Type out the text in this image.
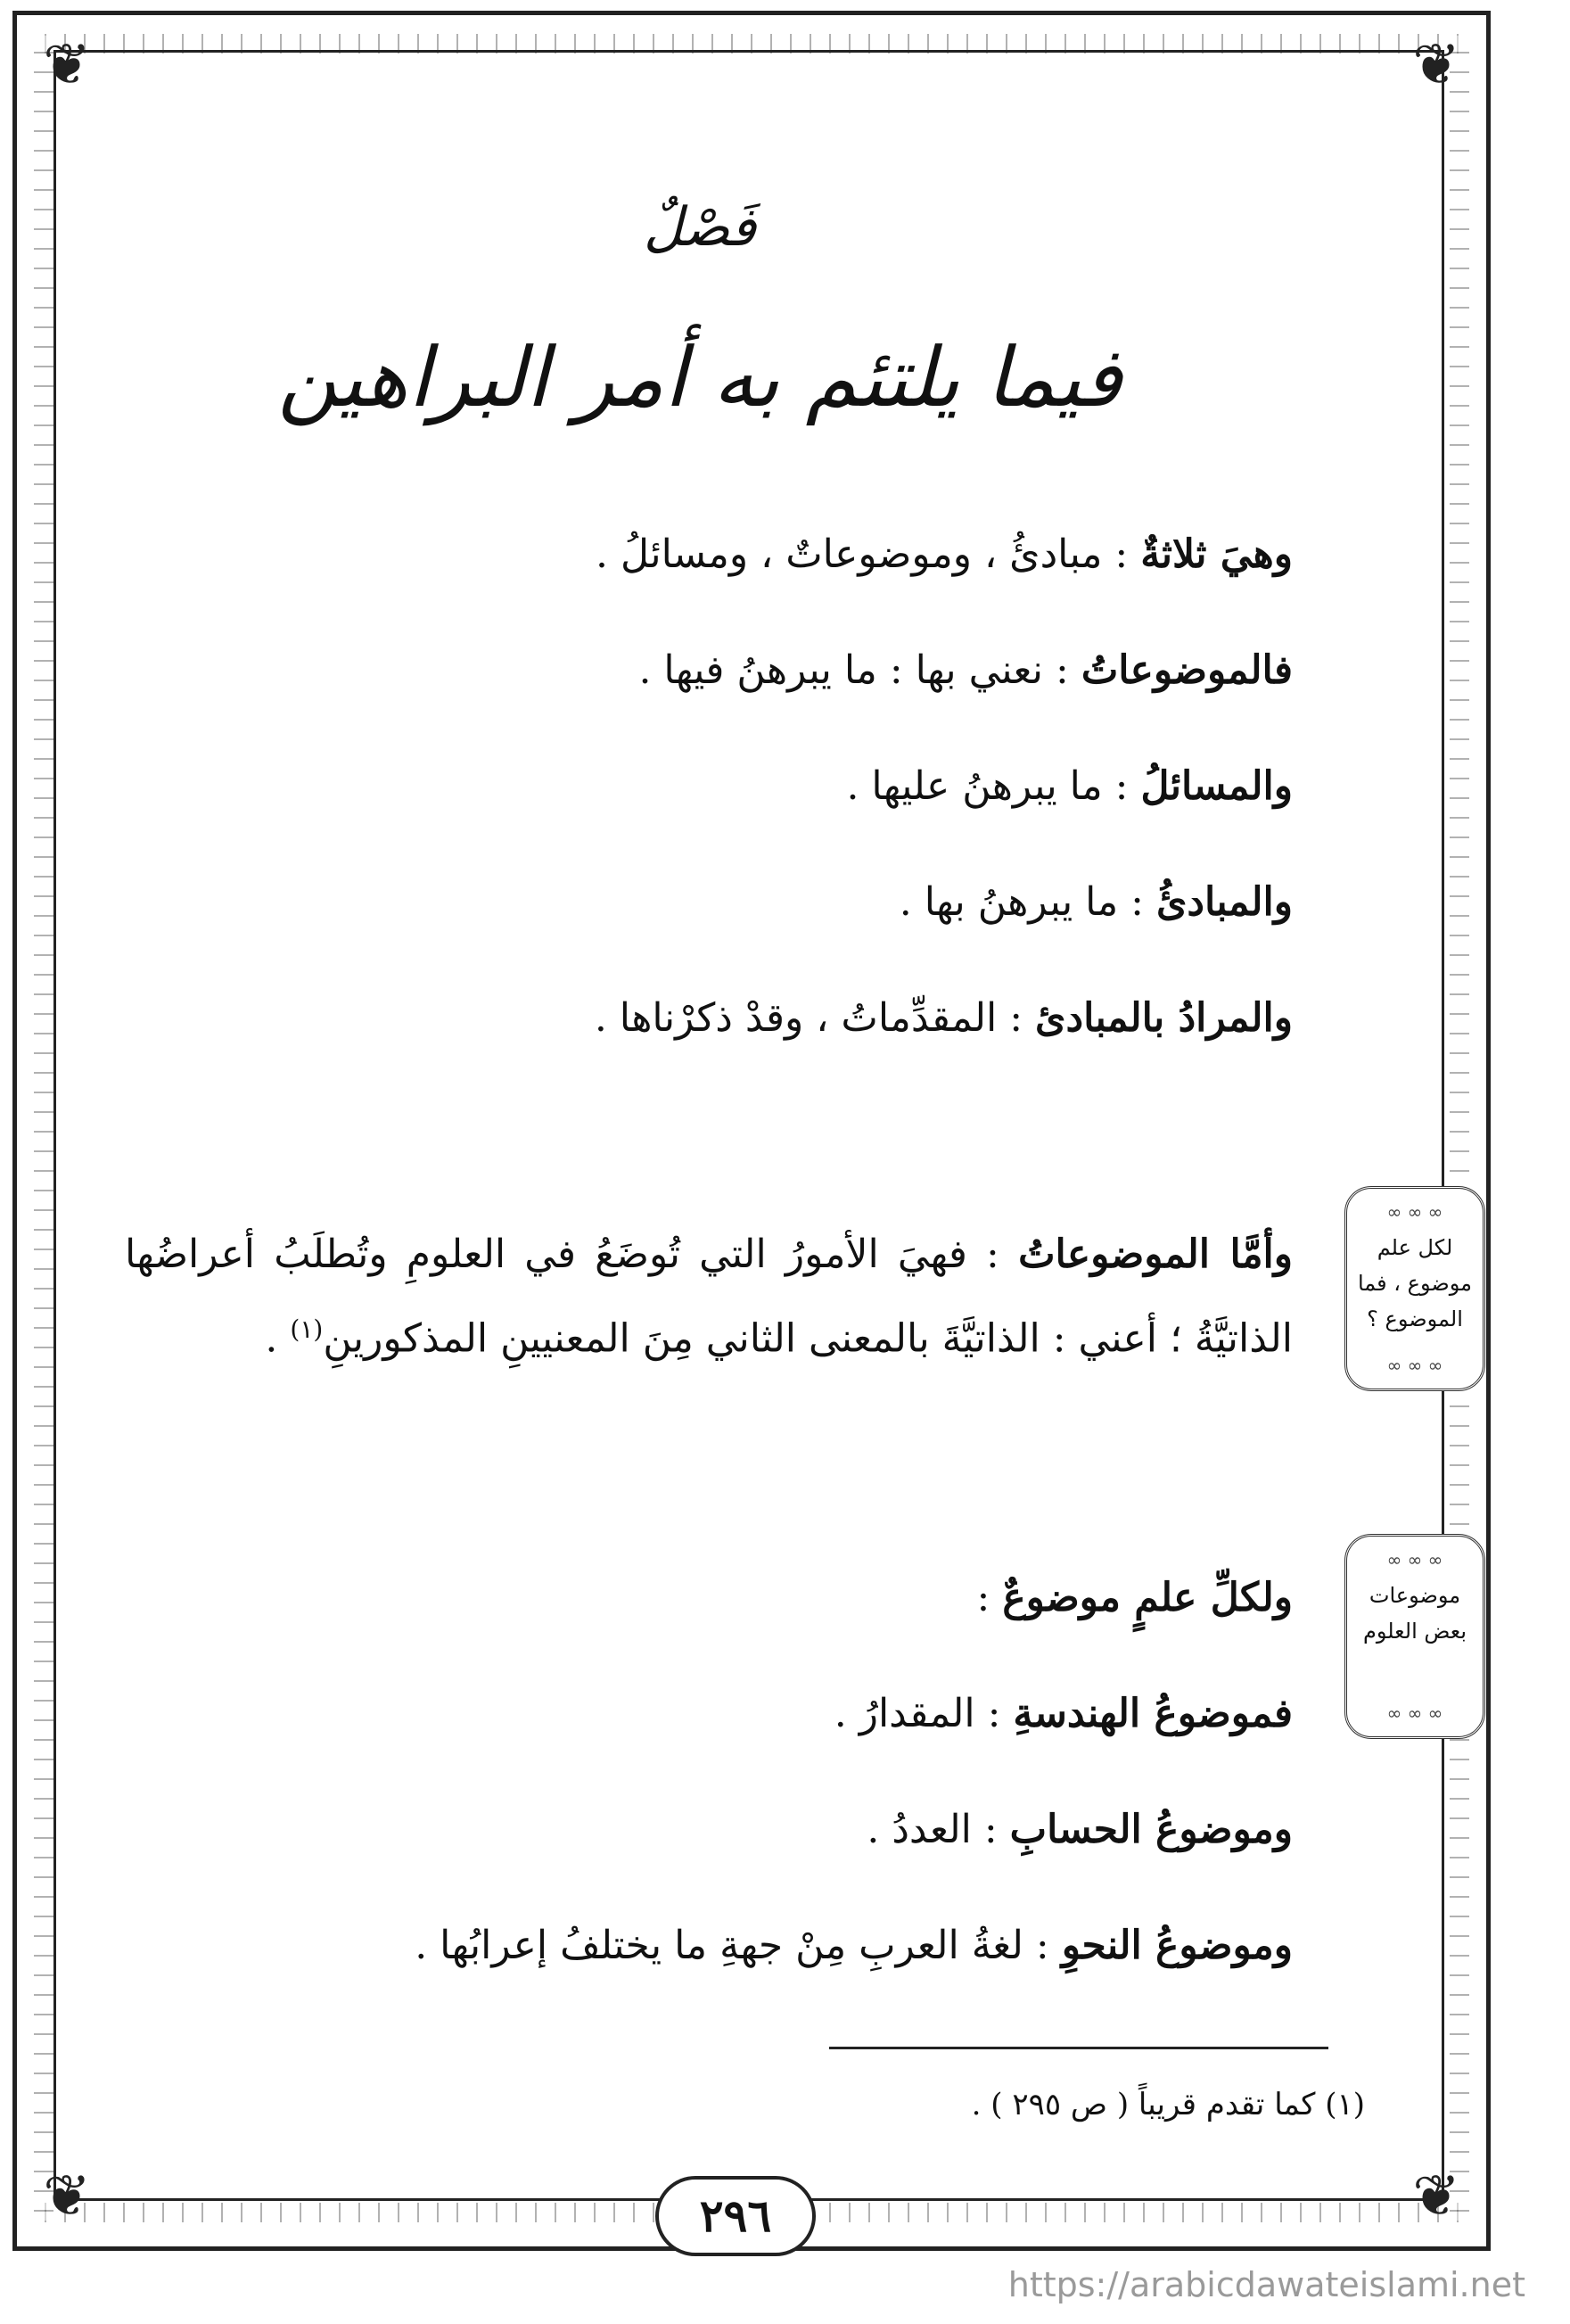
❦	❦
❦	❦
فَصْلٌ
فيما يلتئم به أمر البراهين

وهيَ ثلاثةٌ : مبادئُ ، وموضوعاتٌ ، ومسائلُ .

فالموضوعاتُ : نعني بها : ما يبرهنُ فيها .

والمسائلُ : ما يبرهنُ عليها .

والمبادئُ : ما يبرهنُ بها .

والمرادُ بالمبادئ : المقدِّماتُ ، وقدْ ذكرْناها .

وأمَّا الموضوعاتُ : فهيَ الأمورُ التي تُوضَعُ في العلومِ وتُطلَبُ أعراضُها الذاتيَّةُ ؛ أعني : الذاتيَّةَ بالمعنى الثاني مِنَ المعنيينِ المذكورينِ$^{(١)}$ .

ولكلِّ علمٍ موضوعٌ :

فموضوعُ الهندسةِ : المقدارُ .

وموضوعُ الحسابِ : العددُ .

وموضوعُ النحوِ : لغةُ العربِ مِنْ جهةِ ما يختلفُ إعرابُها .

∞ ∞ ∞ لكل علم موضوع ، فما الموضوع ؟ ∞ ∞ ∞
∞ ∞ ∞ موضوعات بعض العلوم ∞ ∞ ∞
(١) كما تقدم قريباً ( ص ٢٩٥ ) .
٢٩٦
https://arabicdawateislami.net
